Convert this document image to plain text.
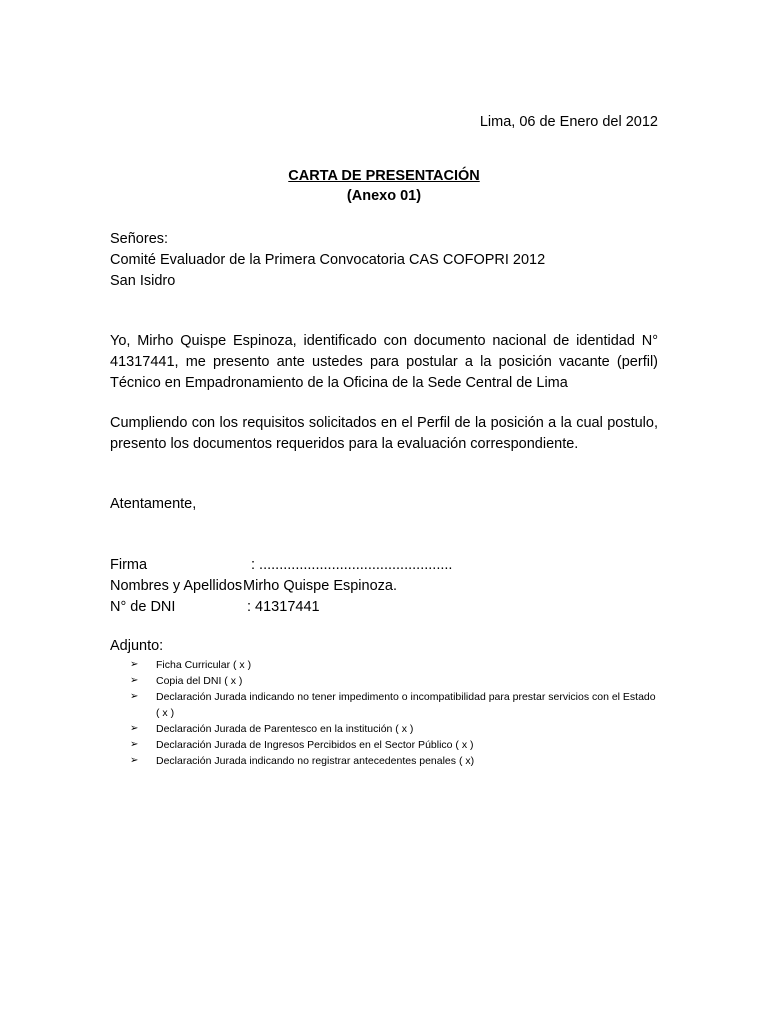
Lima, 06 de Enero del 2012
CARTA DE PRESENTACIÓN
(Anexo 01)
Señores:
Comité Evaluador de la Primera Convocatoria CAS COFOPRI 2012
San Isidro
Yo, Mirho Quispe Espinoza, identificado con documento nacional de identidad N° 41317441, me presento ante ustedes para postular a la posición vacante (perfil) Técnico en Empadronamiento de la Oficina de la Sede Central de Lima
Cumpliendo con los requisitos solicitados en el Perfil de la posición a la cual postulo, presento los documentos requeridos para la evaluación correspondiente.
Atentamente,
Firma	: ................................................
Nombres y Apellidos
: Mirho Quispe Espinoza.
N° de DNI	: 41317441
Adjunto:
➢ Ficha Curricular ( x )
➢ Copia del DNI ( x )
➢ Declaración Jurada indicando no tener impedimento o incompatibilidad para prestar servicios con el Estado ( x )
➢ Declaración Jurada de Parentesco en la institución ( x )
➢ Declaración Jurada de Ingresos Percibidos en el Sector Público ( x )
➢ Declaración Jurada indicando no registrar antecedentes penales ( x)
